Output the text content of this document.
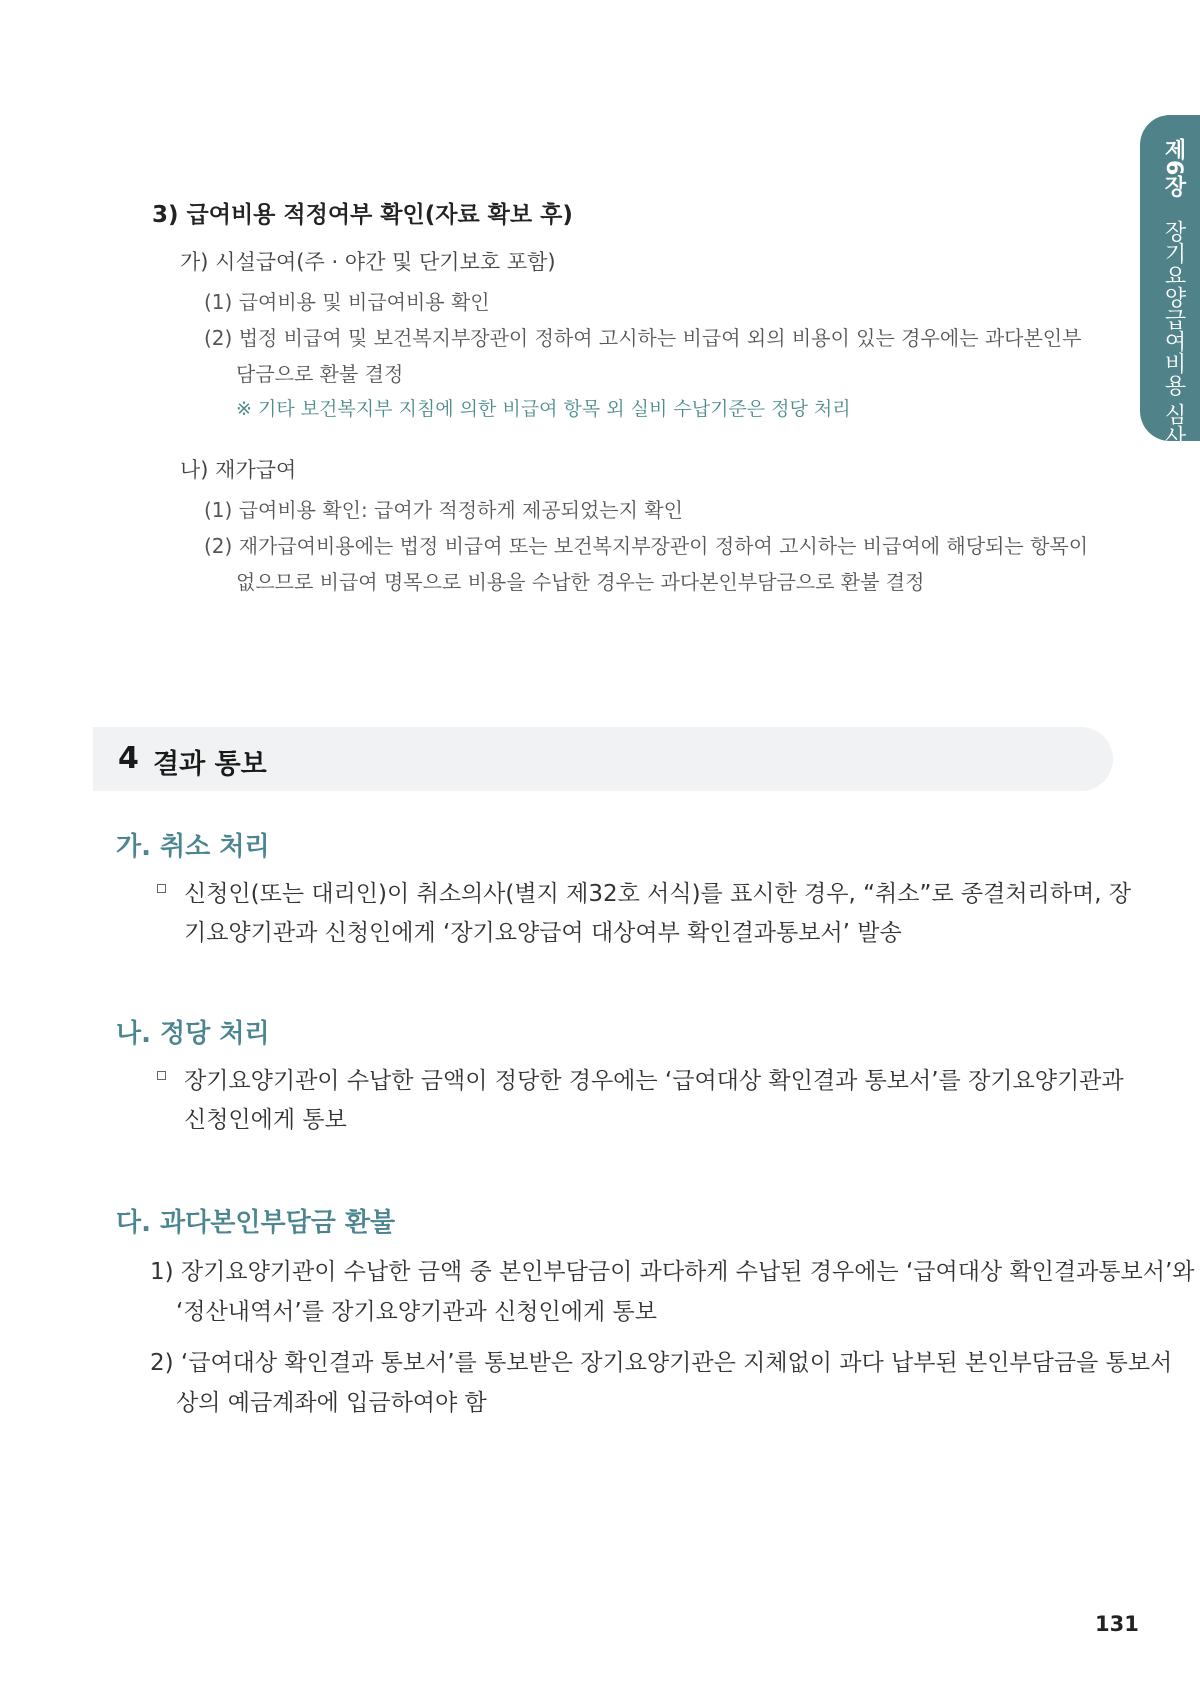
제6장 장기요양급여비용 심사
3) 급여비용 적정여부 확인(자료 확보 후)
가) 시설급여(주 · 야간 및 단기보호 포함)
(1) 급여비용 및 비급여비용 확인
(2) 법정 비급여 및 보건복지부장관이 정하여 고시하는 비급여 외의 비용이 있는 경우에는 과다본인부
담금으로 환불 결정
※ 기타 보건복지부 지침에 의한 비급여 항목 외 실비 수납기준은 정당 처리
나) 재가급여
(1) 급여비용 확인: 급여가 적정하게 제공되었는지 확인
(2) 재가급여비용에는 법정 비급여 또는 보건복지부장관이 정하여 고시하는 비급여에 해당되는 항목이
없으므로 비급여 명목으로 비용을 수납한 경우는 과다본인부담금으로 환불 결정
4 결과 통보
가. 취소 처리
신청인(또는 대리인)이 취소의사(별지 제32호 서식)를 표시한 경우, “취소”로 종결처리하며, 장
기요양기관과 신청인에게 ‘장기요양급여 대상여부 확인결과통보서’ 발송
나. 정당 처리
장기요양기관이 수납한 금액이 정당한 경우에는 ‘급여대상 확인결과 통보서’를 장기요양기관과
신청인에게 통보
다. 과다본인부담금 환불
1) 장기요양기관이 수납한 금액 중 본인부담금이 과다하게 수납된 경우에는 ‘급여대상 확인결과통보서’와
‘정산내역서’를 장기요양기관과 신청인에게 통보
2) ‘급여대상 확인결과 통보서’를 통보받은 장기요양기관은 지체없이 과다 납부된 본인부담금을 통보서
상의 예금계좌에 입금하여야 함
131
